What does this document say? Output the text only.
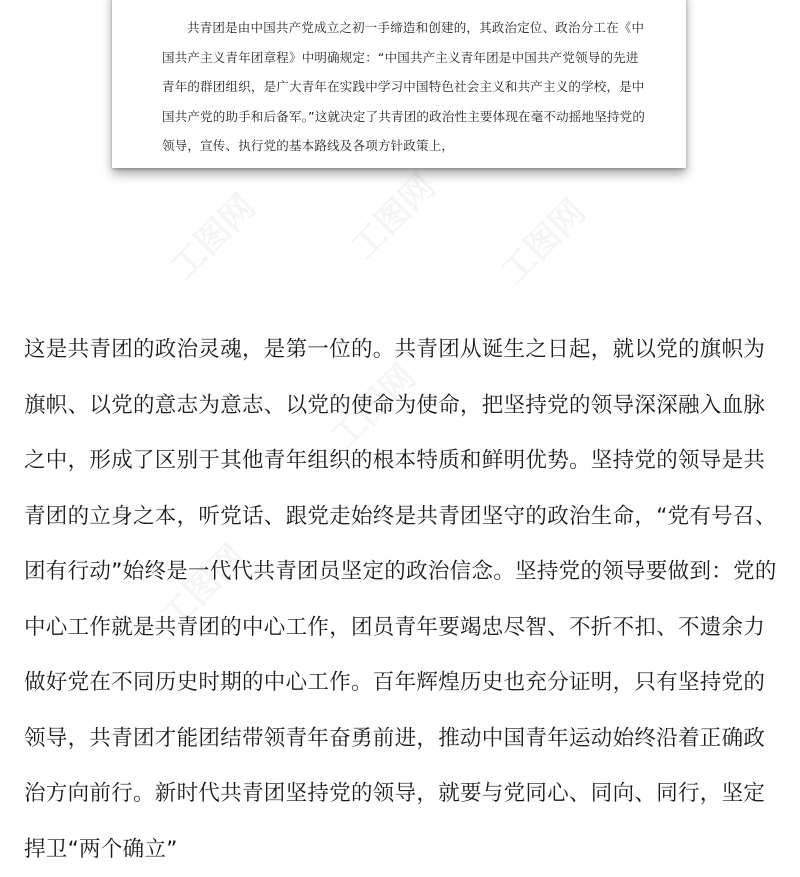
共青团是由中国共产党成立之初一手缔造和创建的，其政治定位、政治分工在《中国共产主义青年团章程》中明确规定：“中国共产主义青年团是中国共产党领导的先进青年的群团组织，是广大青年在实践中学习中国特色社会主义和共产主义的学校，是中国共产党的助手和后备军。”这就决定了共青团的政治性主要体现在毫不动摇地坚持党的领导，宣传、执行党的基本路线及各项方针政策上，

这是共青团的政治灵魂，是第一位的。共青团从诞生之日起，就以党的旗帜为旗帜、以党的意志为意志、以党的使命为使命，把坚持党的领导深深融入血脉之中，形成了区别于其他青年组织的根本特质和鲜明优势。坚持党的领导是共青团的立身之本，听党话、跟党走始终是共青团坚守的政治生命，“党有号召、团有行动”始终是一代代共青团员坚定的政治信念。坚持党的领导要做到：党的中心工作就是共青团的中心工作，团员青年要竭忠尽智、不折不扣、不遗余力做好党在不同历史时期的中心工作。百年辉煌历史也充分证明，只有坚持党的领导，共青团才能团结带领青年奋勇前进，推动中国青年运动始终沿着正确政治方向前行。新时代共青团坚持党的领导，就要与党同心、同向、同行，坚定捍卫“两个确立”
